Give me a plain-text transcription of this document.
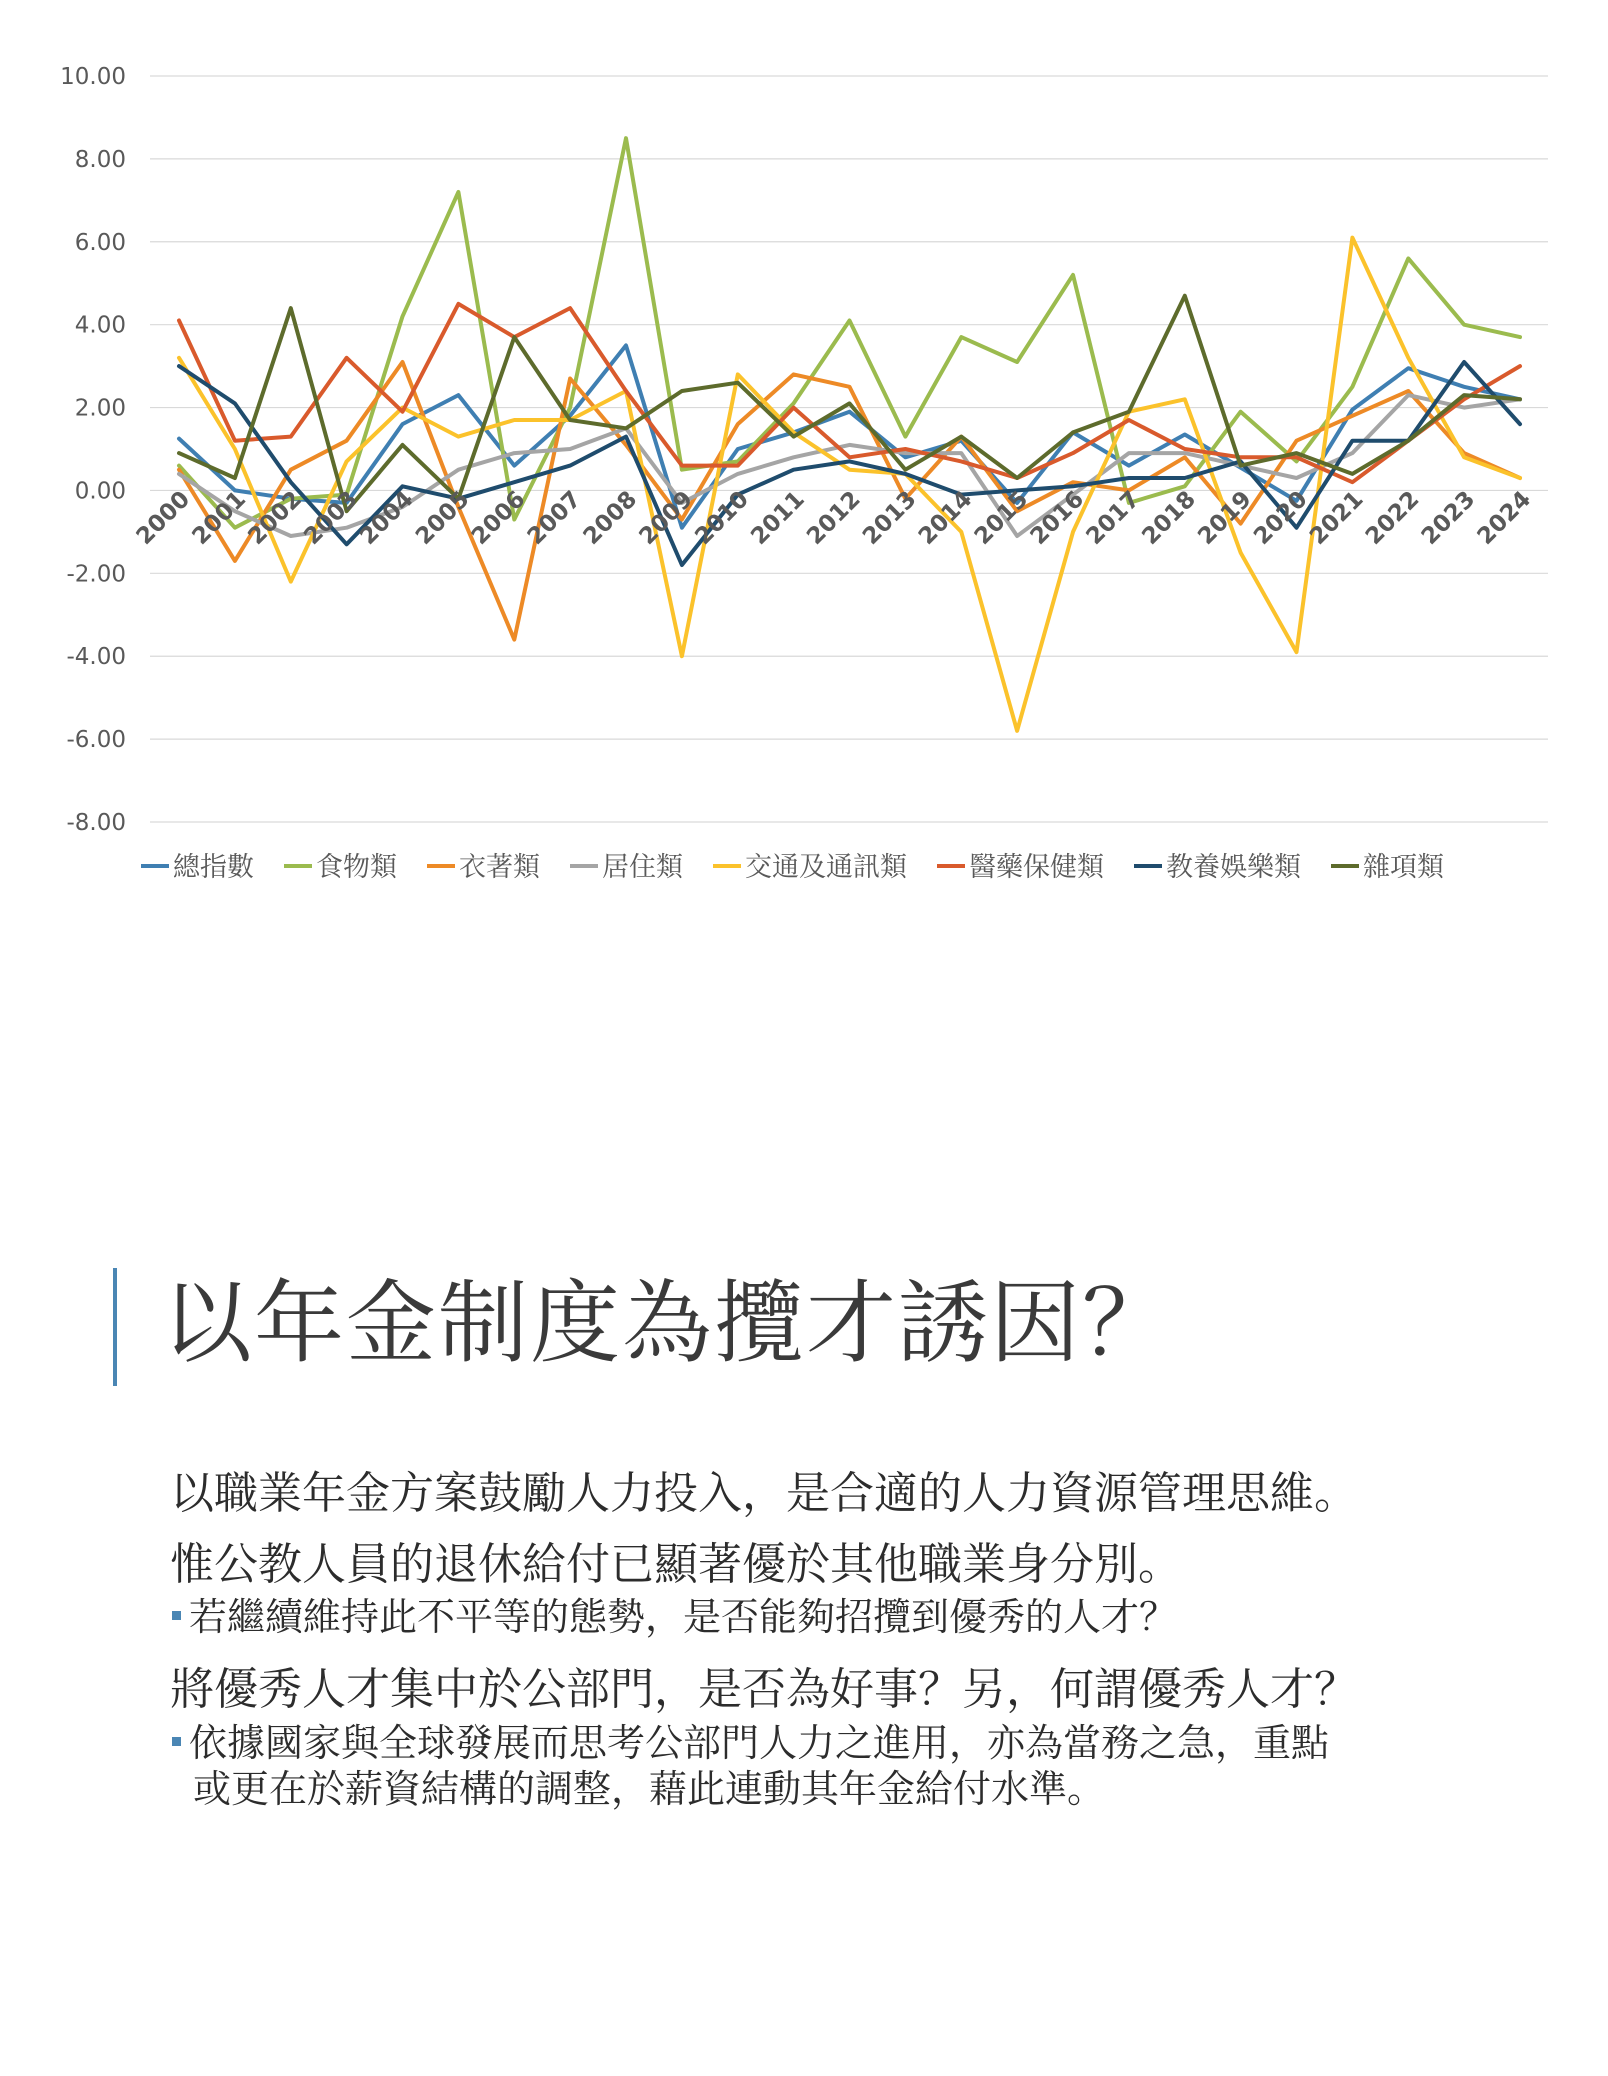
10.00
8.00
6.00
4.00
2.00
0.00
-2.00
-4.00
-6.00
-8.00
2000
2001
2002
2003
2004
2005
2006
2007
2008
2009
2010
2011
2012
2013
2014
2015
2016
2017
2018
2019
2020
2021
2022
2023
2024
總指數 食物類 衣著類 居住類 交通及通訊類 醫藥保健類 教養娛樂類 雜項類
以年金制度為攬才誘因？

以職業年金方案鼓勵人力投入，是合適的人力資源管理思維。

惟公教人員的退休給付已顯著優於其他職業身分別。

若繼續維持此不平等的態勢，是否能夠招攬到優秀的人才？

將優秀人才集中於公部門，是否為好事？另，何謂優秀人才？

依據國家與全球發展而思考公部門人力之進用，亦為當務之急，重點
或更在於薪資結構的調整，藉此連動其年金給付水準。
